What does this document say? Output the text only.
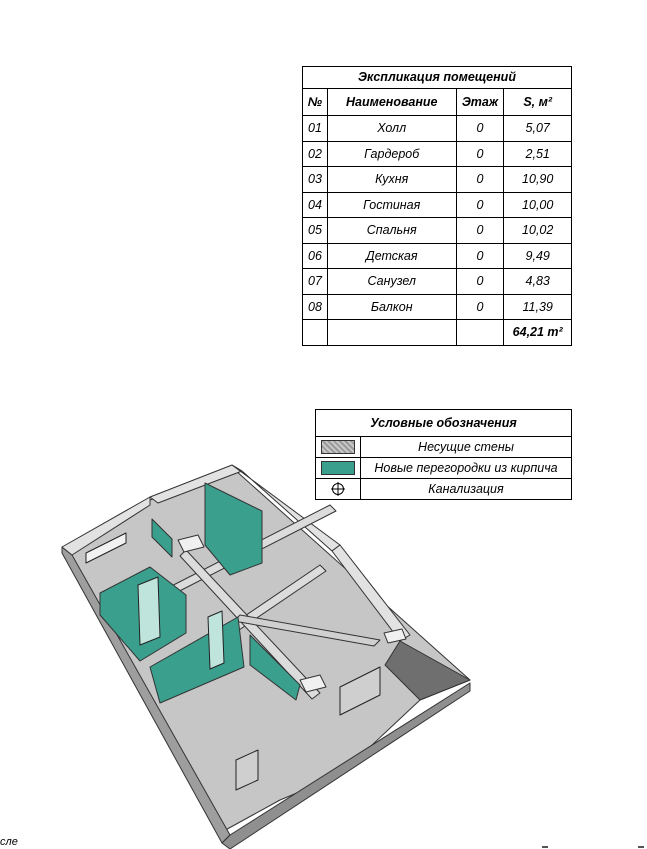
Экспликация помещений			
№	Наименование	Этаж	S, м²
01	Холл	0	5,07
02	Гардероб	0	2,51
03	Кухня	0	10,90
04	Гостиная	0	10,00
05	Спальня	0	10,02
06	Детская	0	9,49
07	Санузел	0	4,83
08	Балкон	0	11,39
			64,21 m²
Условные обозначения	
	Несущие стены
	Новые перегородки из кирпича
	Канализация
сле
